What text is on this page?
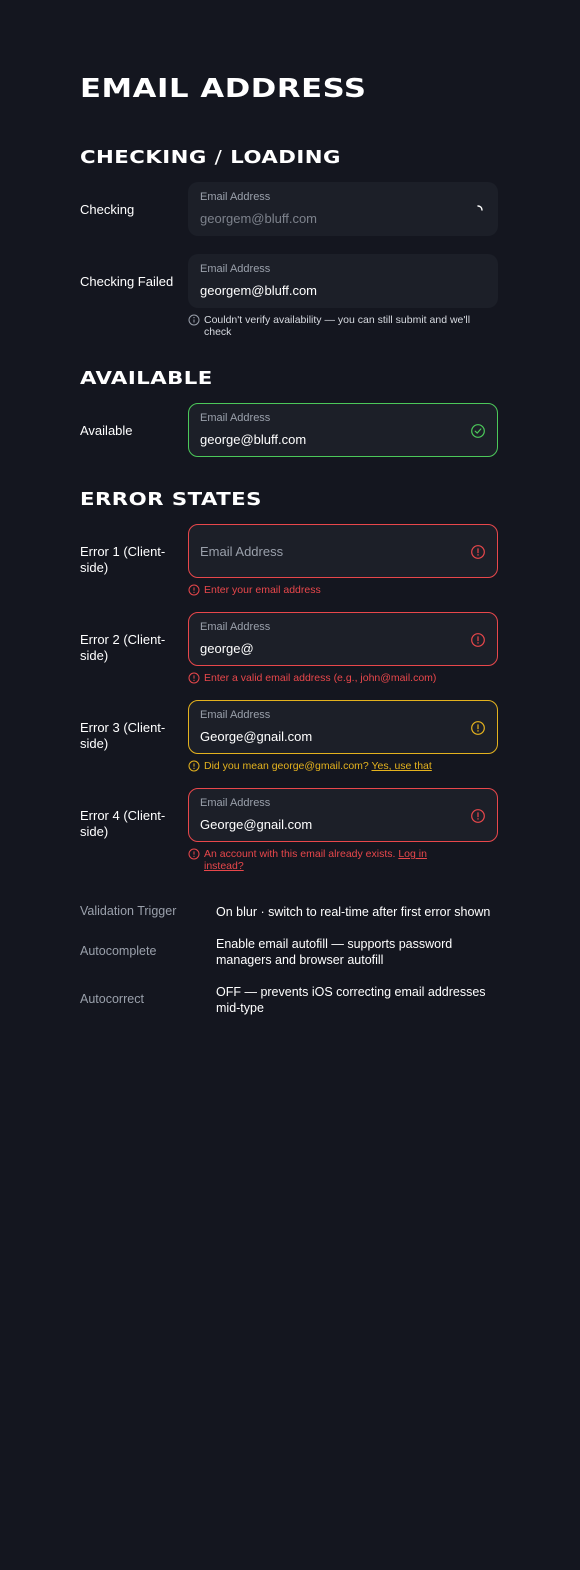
EMAIL ADDRESS
CHECKING / LOADING
Checking
Email Address
georgem@bluff.com
Checking Failed
Email Address
georgem@bluff.com
Couldn't verify availability — you can still submit and we'll check
AVAILABLE
Available
Email Address
george@bluff.com
ERROR STATES
Error 1 (Client-side)
Email Address
Enter your email address
Error 2 (Client-side)
Email Address
george@
Enter a valid email address (e.g., john@mail.com)
Error 3 (Client-side)
Email Address
George@gnail.com
Did you mean george@gmail.com? Yes, use that
Error 4 (Client-side)
Email Address
George@gnail.com
An account with this email already exists. Log in instead?
Validation Trigger	On blur · switch to real-time after first error shown
Autocomplete	Enable email autofill — supports password managers and browser autofill
Autocorrect	OFF — prevents iOS correcting email addresses mid-type
